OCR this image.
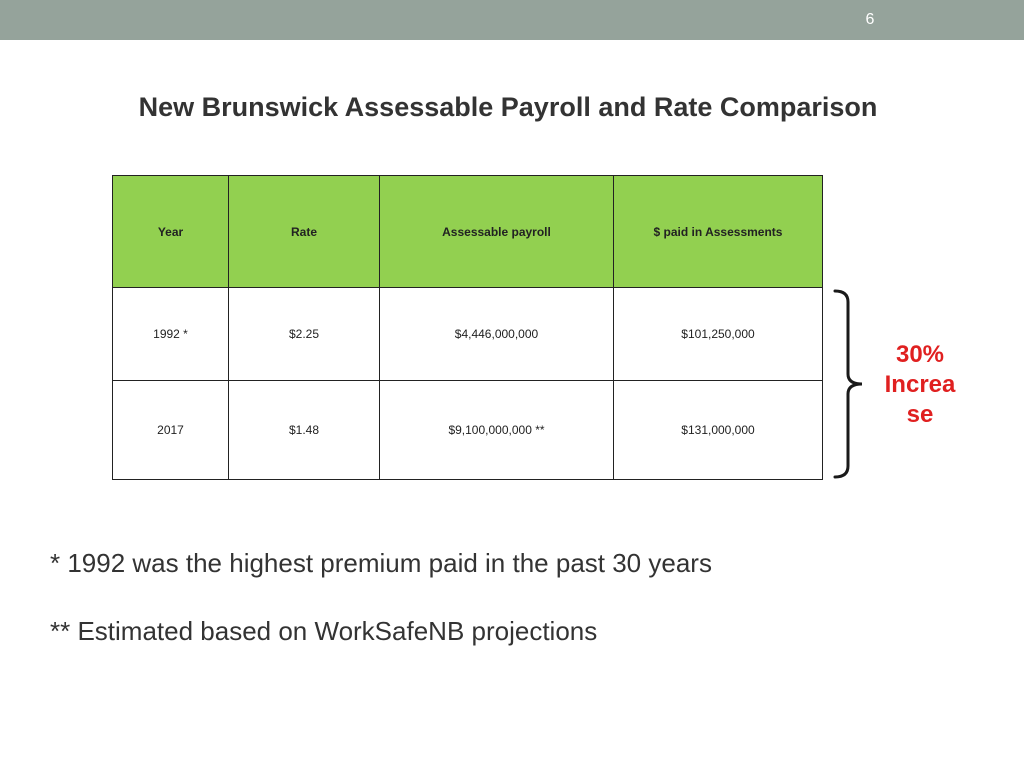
6
New Brunswick Assessable Payroll and Rate Comparison
Year	Rate	Assessable payroll	$ paid in Assessments
1992 *	$2.25	$4,446,000,000	$101,250,000
2017	$1.48	$9,100,000,000 **	$131,000,000
30%
Increa
se
* 1992 was the highest premium paid in the past 30 years
** Estimated based on WorkSafeNB projections
